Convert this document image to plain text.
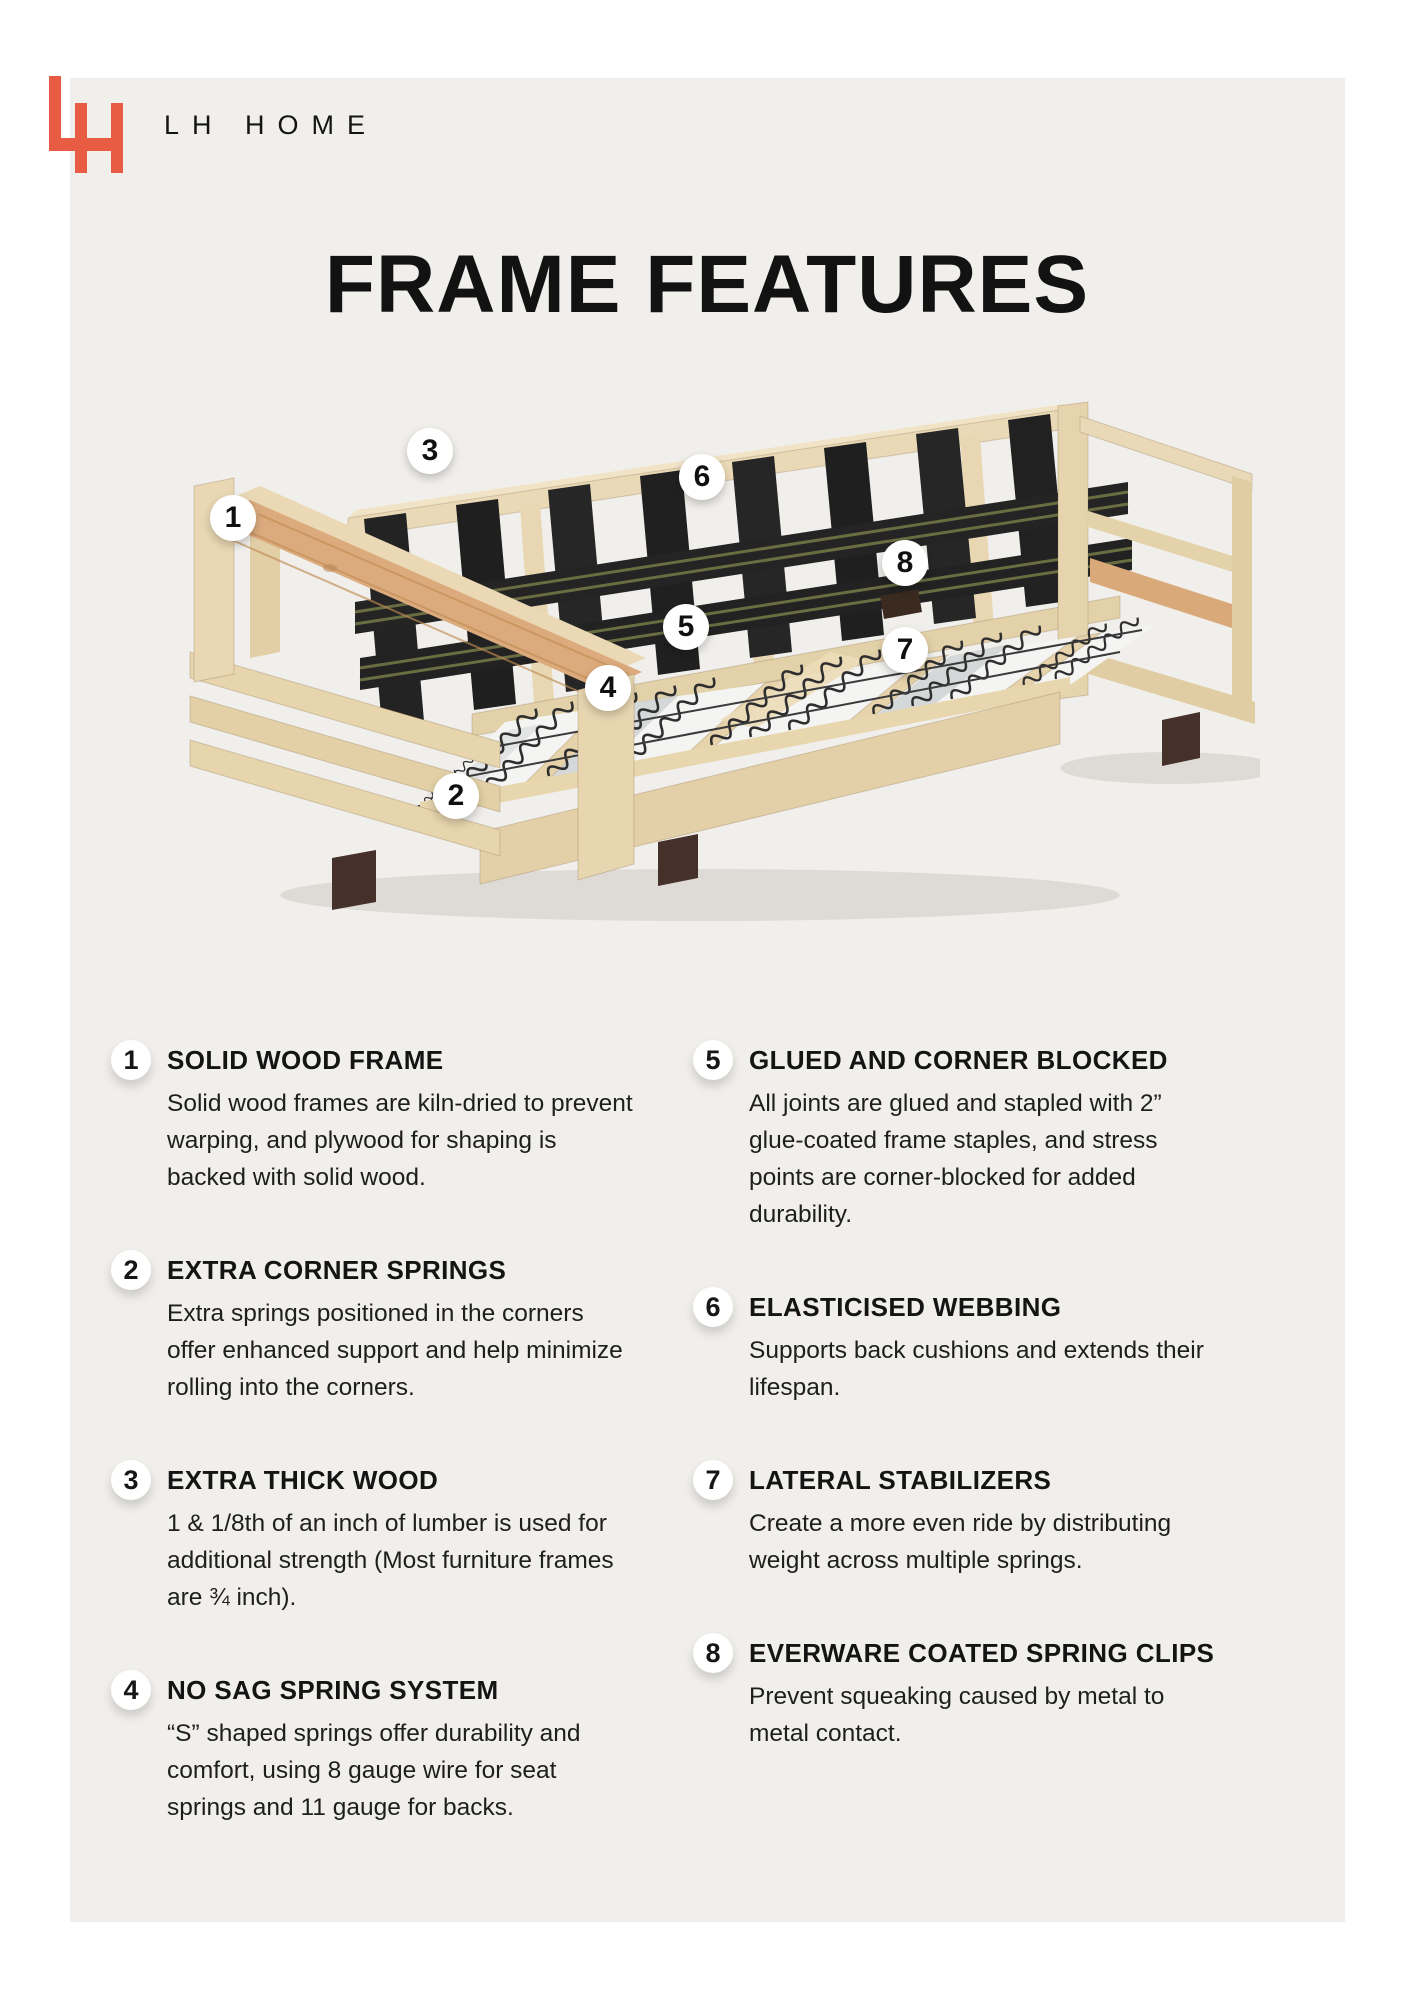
LH HOME
FRAME FEATURES
1
2
3
4
5
6
7
8
1	SOLID WOOD FRAME

Solid wood frames are kiln-dried to prevent warping, and plywood for shaping is backed with solid wood.

2	EXTRA CORNER SPRINGS

Extra springs positioned in the corners offer enhanced support and help minimize rolling into the corners.

3	EXTRA THICK WOOD

1 & 1/8th of an inch of lumber is used for additional strength (Most furniture frames are ¾ inch).

4	NO SAG SPRING SYSTEM

“S” shaped springs offer durability and comfort, using 8 gauge wire for seat springs and 11 gauge for backs.

5	GLUED AND CORNER BLOCKED

All joints are glued and stapled with 2” glue-coated frame staples, and stress points are corner-blocked for added durability.

6	ELASTICISED WEBBING

Supports back cushions and extends their lifespan.

7	LATERAL STABILIZERS

Create a more even ride by distributing weight across multiple springs.

8	EVERWARE COATED SPRING CLIPS

Prevent squeaking caused by metal to metal contact.
